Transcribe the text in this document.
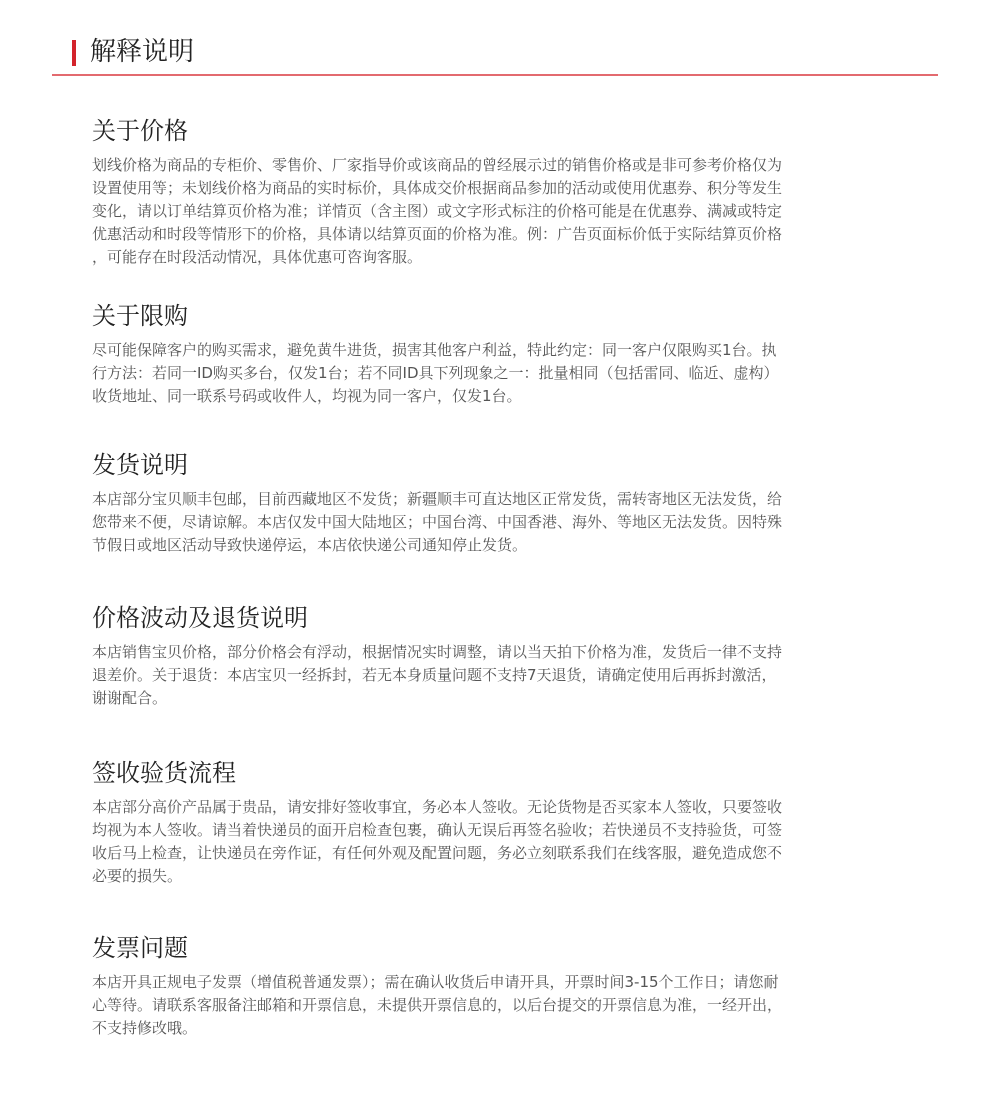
解释说明
关于价格

划线价格为商品的专柜价、零售价、厂家指导价或该商品的曾经展示过的销售价格或是非可参考价格仅为
设置使用等；未划线价格为商品的实时标价，具体成交价根据商品参加的活动或使用优惠券、积分等发生
变化，请以订单结算页价格为准；详情页（含主图）或文字形式标注的价格可能是在优惠券、满减或特定
优惠活动和时段等情形下的价格，具体请以结算页面的价格为准。例：广告页面标价低于实际结算页价格
，可能存在时段活动情况，具体优惠可咨询客服。

关于限购

尽可能保障客户的购买需求，避免黄牛进货，损害其他客户利益，特此约定：同一客户仅限购买1台。执
行方法：若同一ID购买多台，仅发1台；若不同ID具下列现象之一：批量相同（包括雷同、临近、虚构）
收货地址、同一联系号码或收件人，均视为同一客户，仅发1台。

发货说明

本店部分宝贝顺丰包邮，目前西藏地区不发货；新疆顺丰可直达地区正常发货，需转寄地区无法发货，给
您带来不便，尽请谅解。本店仅发中国大陆地区；中国台湾、中国香港、海外、等地区无法发货。因特殊
节假日或地区活动导致快递停运，本店依快递公司通知停止发货。

价格波动及退货说明

本店销售宝贝价格，部分价格会有浮动，根据情况实时调整，请以当天拍下价格为准，发货后一律不支持
退差价。关于退货：本店宝贝一经拆封，若无本身质量问题不支持7天退货，请确定使用后再拆封激活，
谢谢配合。

签收验货流程

本店部分高价产品属于贵品，请安排好签收事宜，务必本人签收。无论货物是否买家本人签收，只要签收
均视为本人签收。请当着快递员的面开启检查包裹，确认无误后再签名验收；若快递员不支持验货，可签
收后马上检查，让快递员在旁作证，有任何外观及配置问题，务必立刻联系我们在线客服，避免造成您不
必要的损失。

发票问题

本店开具正规电子发票（增值税普通发票）；需在确认收货后申请开具，开票时间3-15个工作日；请您耐
心等待。请联系客服备注邮箱和开票信息，未提供开票信息的，以后台提交的开票信息为准，一经开出，
不支持修改哦。
